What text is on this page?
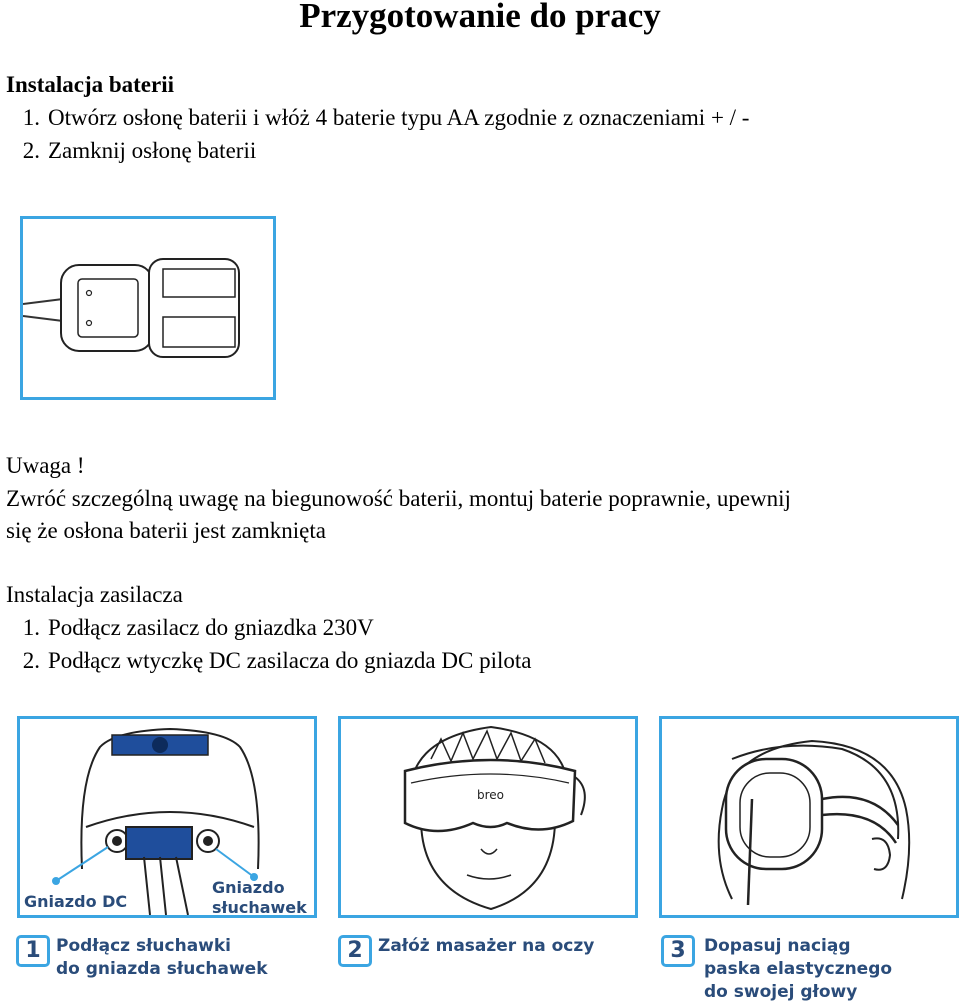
Przygotowanie do pracy
Instalacja baterii
1. Otwórz osłonę baterii i włóż 4 baterie typu AA zgodnie z oznaczeniami + / -
2. Zamknij osłonę baterii
Uwaga !
Zwróć szczególną uwagę na biegunowość baterii, montuj baterie poprawnie, upewnij
się że osłona baterii jest zamknięta
Instalacja zasilacza
1. Podłącz zasilacz do gniazdka 230V
2. Podłącz wtyczkę DC zasilacza do gniazda DC pilota
Gniazdo DC
Gniazdo
słuchawek
breo
1 Podłącz słuchawki
do gniazda słuchawek
2 Załóż masażer na oczy	3	Dopasuj naciąg
paska elastycznego
do swojej głowy
